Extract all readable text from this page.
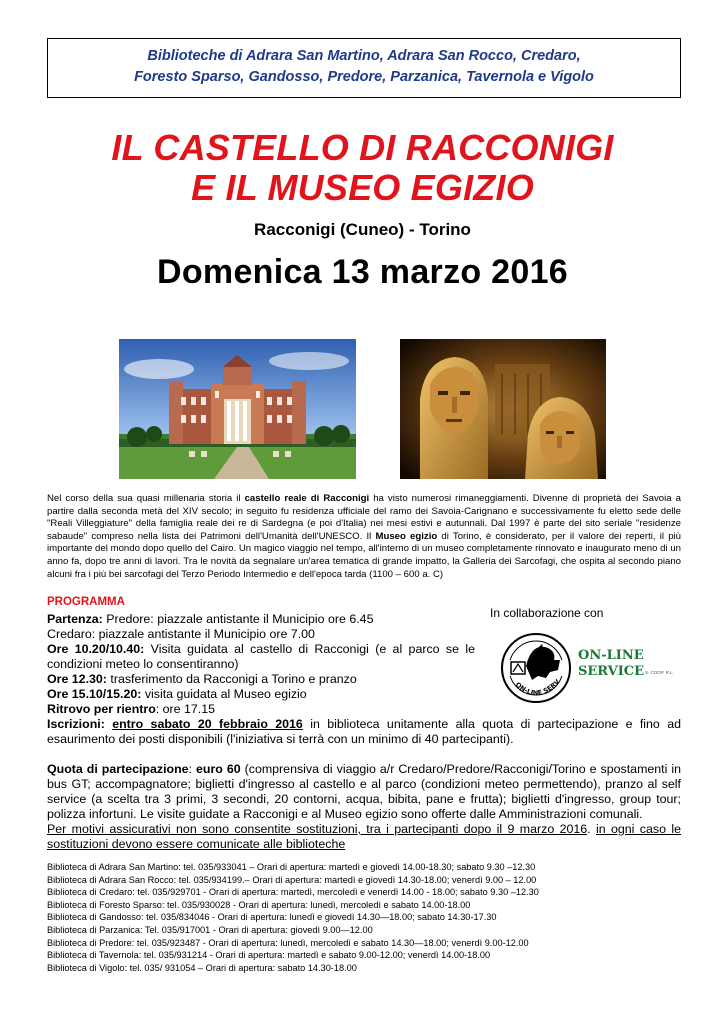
Biblioteche di Adrara San Martino, Adrara San Rocco, Credaro,
Foresto Sparso, Gandosso, Predore, Parzanica, Tavernola e Vigolo
IL CASTELLO DI RACCONIGI
E IL MUSEO EGIZIO
Racconigi (Cuneo) - Torino
Domenica 13 marzo 2016
Nel corso della sua quasi millenaria storia il castello reale di Racconigi ha visto numerosi rimaneggiamenti. Divenne di proprietà dei Savoia a partire dalla seconda metà del XIV secolo; in seguito fu residenza ufficiale del ramo dei Savoia-Carignano e successivamente fu eletto sede delle "Reali Villeggiature" della famiglia reale dei re di Sardegna (e poi d'Italia) nei mesi estivi e autunnali. Dal 1997 è parte del sito seriale "residenze sabaude" compreso nella lista dei Patrimoni dell'Umanità dell'UNESCO. Il Museo egizio di Torino, è considerato, per il valore dei reperti, il più importante del mondo dopo quello del Cairo. Un magico viaggio nel tempo, all'interno di un museo completamente rinnovato e inaugurato meno di un anno fa, dopo tre anni di lavori. Tra le novità da segnalare un'area tematica di grande impatto, la Galleria dei Sarcofagi, che ospita al secondo piano alcuni fra i più bei sarcofagi del Terzo Periodo Intermedio e dell'epoca tarda (1100 – 600 a. C)
PROGRAMMA
In collaborazione con
ON-LINE SERV
ON-LINE
SERVICE S. COOP. R.L.
Partenza: Predore: piazzale antistante il Municipio ore 6.45
Credaro: piazzale antistante il Municipio ore 7.00
Ore 10.20/10.40: Visita guidata al castello di Racconigi (e al parco se le condizioni meteo lo consentiranno)
Ore 12.30: trasferimento da Racconigi a Torino e pranzo
Ore 15.10/15.20: visita guidata al Museo egizio
Ritrovo per rientro: ore 17.15
Iscrizioni: entro sabato 20 febbraio 2016 in biblioteca unitamente alla quota di partecipazione e fino ad esaurimento dei posti disponibili (l'iniziativa si terrà con un minimo di 40 partecipanti).
Quota di partecipazione: euro 60 (comprensiva di viaggio a/r Credaro/Predore/Racconigi/Torino e spostamenti in bus GT; accompagnatore; biglietti d'ingresso al castello e al parco (condizioni meteo permettendo), pranzo al self service (a scelta tra 3 primi, 3 secondi, 20 contorni, acqua, bibita, pane e frutta); biglietti d'ingresso, group tour; polizza infortuni. Le visite guidate a Racconigi e al Museo egizio sono offerte dalle Amministrazioni comunali.
Per motivi assicurativi non sono consentite sostituzioni, tra i partecipanti dopo il 9 marzo 2016. in ogni caso le sostituzioni devono essere comunicate alle biblioteche
Biblioteca di Adrara San Martino: tel. 035/933041 – Orari di apertura: martedì e giovedì 14.00-18.30; sabato 9.30 –12.30
Biblioteca di Adrara San Rocco: tel. 035/934199.– Orari di apertura: martedì e giovedì 14.30-18.00; venerdì 9.00 – 12.00
Biblioteca di Credaro: tel. 035/929701 - Orari di apertura: martedì, mercoledì e venerdì 14.00 - 18.00; sabato 9.30 –12.30
Biblioteca di Foresto Sparso: tel. 035/930028 - Orari di apertura: lunedì, mercoledì e sabato 14.00-18.00
Biblioteca di Gandosso: tel. 035/834046 - Orari di apertura: lunedì e giovedì 14.30—18.00; sabato 14.30-17.30
Biblioteca di Parzanica: Tel. 035/917001 - Orari di apertura: giovedì 9.00—12.00
Biblioteca di Predore: tel. 035/923487 - Orari di apertura: lunedì, mercoledì e sabato 14.30—18.00; venerdì 9.00-12.00
Biblioteca di Tavernola: tel. 035/931214 - Orari di apertura: martedì e sabato 9.00-12.00; venerdì 14.00-18.00
Biblioteca di Vigolo: tel. 035/ 931054 – Orari di apertura: sabato 14.30-18.00
